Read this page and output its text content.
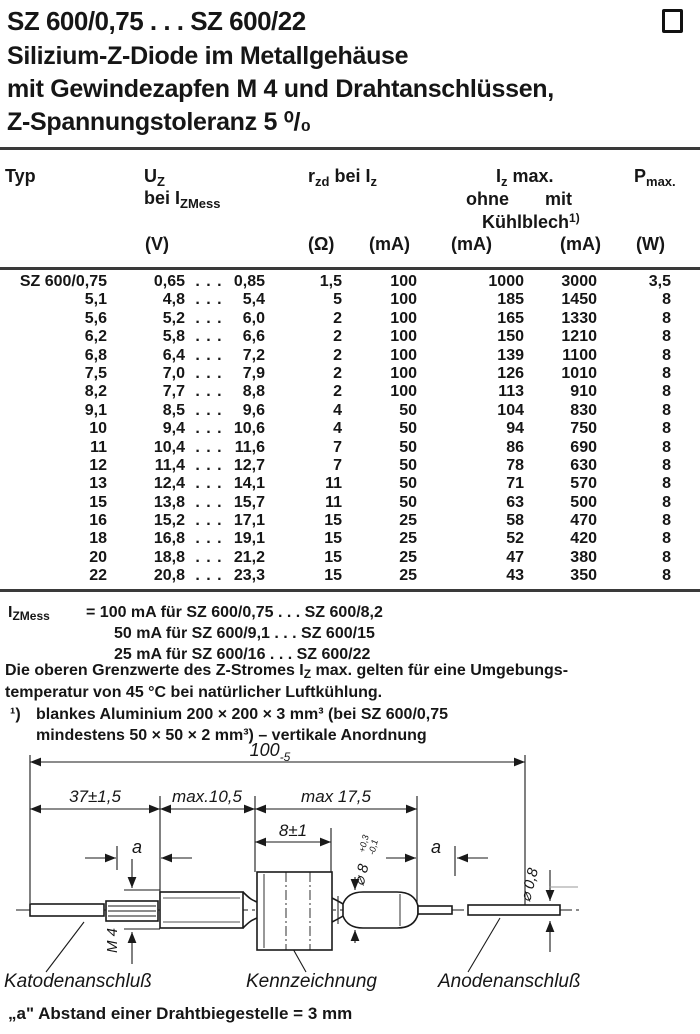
SZ 600/0,75 . . . SZ 600/22
Silizium-Z-Diode im Metallgehäuse
mit Gewindezapfen M 4 und Drahtanschlüssen,
Z-Spannungstoleranz 5 ⁰/₀
Typ	$U_Z$
bei $I_{ZMess}$
$r_{zd}$ bei $I_z$	$I_z$ max.
ohne mit
Kühlblech$^{1)}$
$P_{max.}$
(V)	(Ω) (mA) (mA)	(mA) (W)
SZ 600/0,75	0,65 . . . 0,85	1,5	100	1000	3000	3,5
5,1	4,8 . . .	5,4	5	100	185	1450	8
5,6	5,2 . . .	6,0	2	100	165	1330	8
6,2	5,8 . . .	6,6	2	100	150	1210	8
6,8	6,4 . . .	7,2	2	100	139	1100	8
7,5	7,0 . . .	7,9	2	100	126	1010	8
8,2	7,7 . . .	8,8	2	100	113	910	8
9,1	8,5 . . .	9,6	4	50	104	830	8
10	9,4 . . . 10,6	4	50	94	750	8
11	10,4 . . . 11,6	7	50	86	690	8
12	11,4 . . . 12,7	7	50	78	630	8
13	12,4 . . . 14,1	11	50	71	570	8
15	13,8 . . . 15,7	11	50	63	500	8
16	15,2 . . . 17,1	15	25	58	470	8
18	16,8 . . . 19,1	15	25	52	420	8
20	18,8 . . . 21,2	15	25	47	380	8
22	20,8 . . . 23,3	15	25	43	350	8
$I_{ZMess} = 100$ mA für SZ 600/0,75 . . . SZ 600/8,2
50 mA für SZ 600/9,1 . . . SZ 600/15
25 mA für SZ 600/16 . . . SZ 600/22
Die oberen Grenzwerte des Z-Stromes $I_Z$ max. gelten für eine Umgebungs-
temperatur von 45 °C bei natürlicher Luftkühlung.
¹) blankes Aluminium 200 × 200 × 3 mm³ (bei SZ 600/0,75
mindestens 50 × 50 × 2 mm³) – vertikale Anordnung
$100_{-5}$
37±1,5	max.10,5	max 17,5
8±1
a	a
M 4
⌀ 8
+0,3
-0,1
⌀ 0,8
Katodenanschluß	Kennzeichnung	Anodenanschluß
„a" Abstand einer Drahtbiegestelle = 3 mm
